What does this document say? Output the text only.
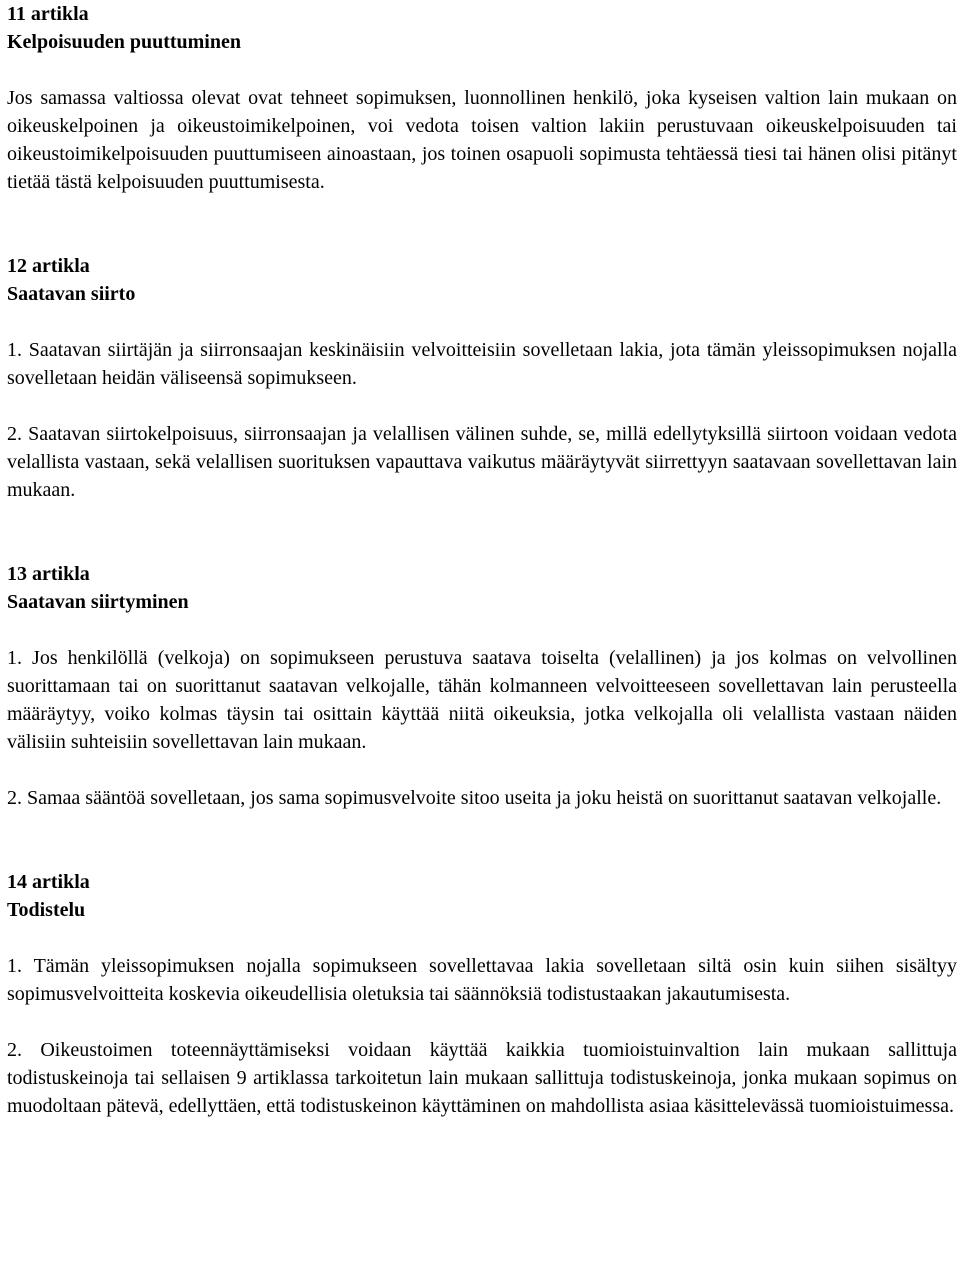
11 artikla

Kelpoisuuden puuttuminen

Jos samassa valtiossa olevat ovat tehneet sopimuksen, luonnollinen henkilö, joka kyseisen valtion lain mukaan on oikeuskelpoinen ja oikeustoimikelpoinen, voi vedota toisen valtion lakiin perustuvaan oikeuskelpoisuuden tai oikeustoimikelpoisuuden puuttumiseen ainoastaan, jos toinen osapuoli sopimusta tehtäessä tiesi tai hänen olisi pitänyt tietää tästä kelpoisuuden puuttumisesta.

12 artikla

Saatavan siirto

1. Saatavan siirtäjän ja siirronsaajan keskinäisiin velvoitteisiin sovelletaan lakia, jota tämän yleissopimuksen nojalla sovelletaan heidän väliseensä sopimukseen.

2. Saatavan siirtokelpoisuus, siirronsaajan ja velallisen välinen suhde, se, millä edellytyksillä siirtoon voidaan vedota velallista vastaan, sekä velallisen suorituksen vapauttava vaikutus määräytyvät siirrettyyn saatavaan sovellettavan lain mukaan.

13 artikla

Saatavan siirtyminen

1. Jos henkilöllä (velkoja) on sopimukseen perustuva saatava toiselta (velallinen) ja jos kolmas on velvollinen suorittamaan tai on suorittanut saatavan velkojalle, tähän kolmanneen velvoitteeseen sovellettavan lain perusteella määräytyy, voiko kolmas täysin tai osittain käyttää niitä oikeuksia, jotka velkojalla oli velallista vastaan näiden välisiin suhteisiin sovellettavan lain mukaan.

2. Samaa sääntöä sovelletaan, jos sama sopimusvelvoite sitoo useita ja joku heistä on suorittanut saatavan velkojalle.

14 artikla

Todistelu

1. Tämän yleissopimuksen nojalla sopimukseen sovellettavaa lakia sovelletaan siltä osin kuin siihen sisältyy sopimusvelvoitteita koskevia oikeudellisia oletuksia tai säännöksiä todistustaakan jakautumisesta.

2. Oikeustoimen toteennäyttämiseksi voidaan käyttää kaikkia tuomioistuinvaltion lain mukaan sallittuja todistuskeinoja tai sellaisen 9 artiklassa tarkoitetun lain mukaan sallittuja todistuskeinoja, jonka mukaan sopimus on muodoltaan pätevä, edellyttäen, että todistuskeinon käyttäminen on mahdollista asiaa käsittelevässä tuomioistuimessa.
